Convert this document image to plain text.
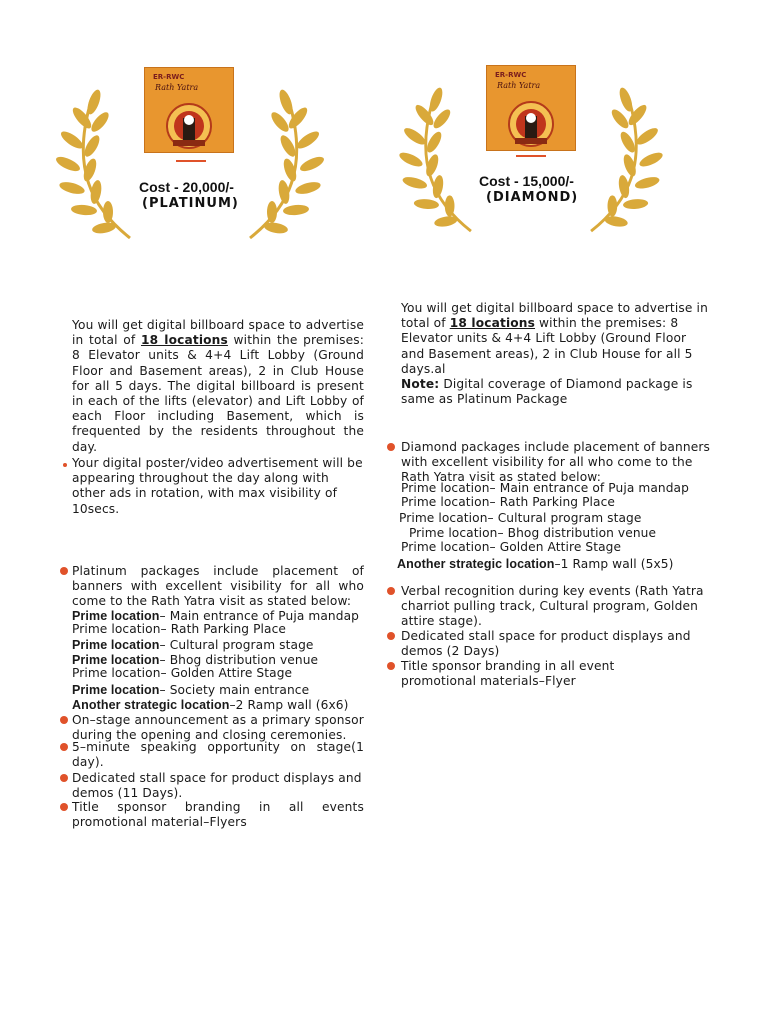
ER-RWC
Rath Yatra
Cost - 20,000/-
(PLATINUM)
ER-RWC
Rath Yatra
Cost - 15,000/-
(DIAMOND)
You will get digital billboard space to advertise in total of 18 locations within the premises: 8 Elevator units & 4+4 Lift Lobby (Ground Floor and Basement areas), 2 in Club House for all 5 days. The digital billboard is present in each of the lifts (elevator) and Lift Lobby of each Floor including Basement, which is frequented by the residents throughout the day.
Your digital poster/video advertisement will be appearing throughout the day along with other ads in rotation, with max visibility of 10secs.
Platinum packages include placement of banners with excellent visibility for all who come to the Rath Yatra visit as stated below:
Prime location– Main entrance of Puja mandap
Prime location– Rath Parking Place
Prime location– Cultural program stage
Prime location– Bhog distribution venue
Prime location– Golden Attire Stage
Prime location– Society main entrance
Another strategic location–2 Ramp wall (6x6)
On–stage announcement as a primary sponsor during the opening and closing ceremonies.
5–minute speaking opportunity on stage(1 day).
Dedicated stall space for product displays and demos (11 Days).
Title sponsor branding in all events promotional material–Flyers
You will get digital billboard space to advertise in total of 18 locations within the premises: 8 Elevator units & 4+4 Lift Lobby (Ground Floor and Basement areas), 2 in Club House for all 5 days.al
Note: Digital coverage of Diamond package is same as Platinum Package
Diamond packages include placement of banners with excellent visibility for all who come to the Rath Yatra visit as stated below:
Prime location– Main entrance of Puja mandap
Prime location– Rath Parking Place
Prime location– Cultural program stage
Prime location– Bhog distribution venue
Prime location– Golden Attire Stage
Another strategic location–1 Ramp wall (5x5)
Verbal recognition during key events (Rath Yatra charriot pulling track, Cultural program, Golden attire stage).
Dedicated stall space for product displays and demos (2 Days)
Title sponsor branding in all event promotional materials–Flyer
